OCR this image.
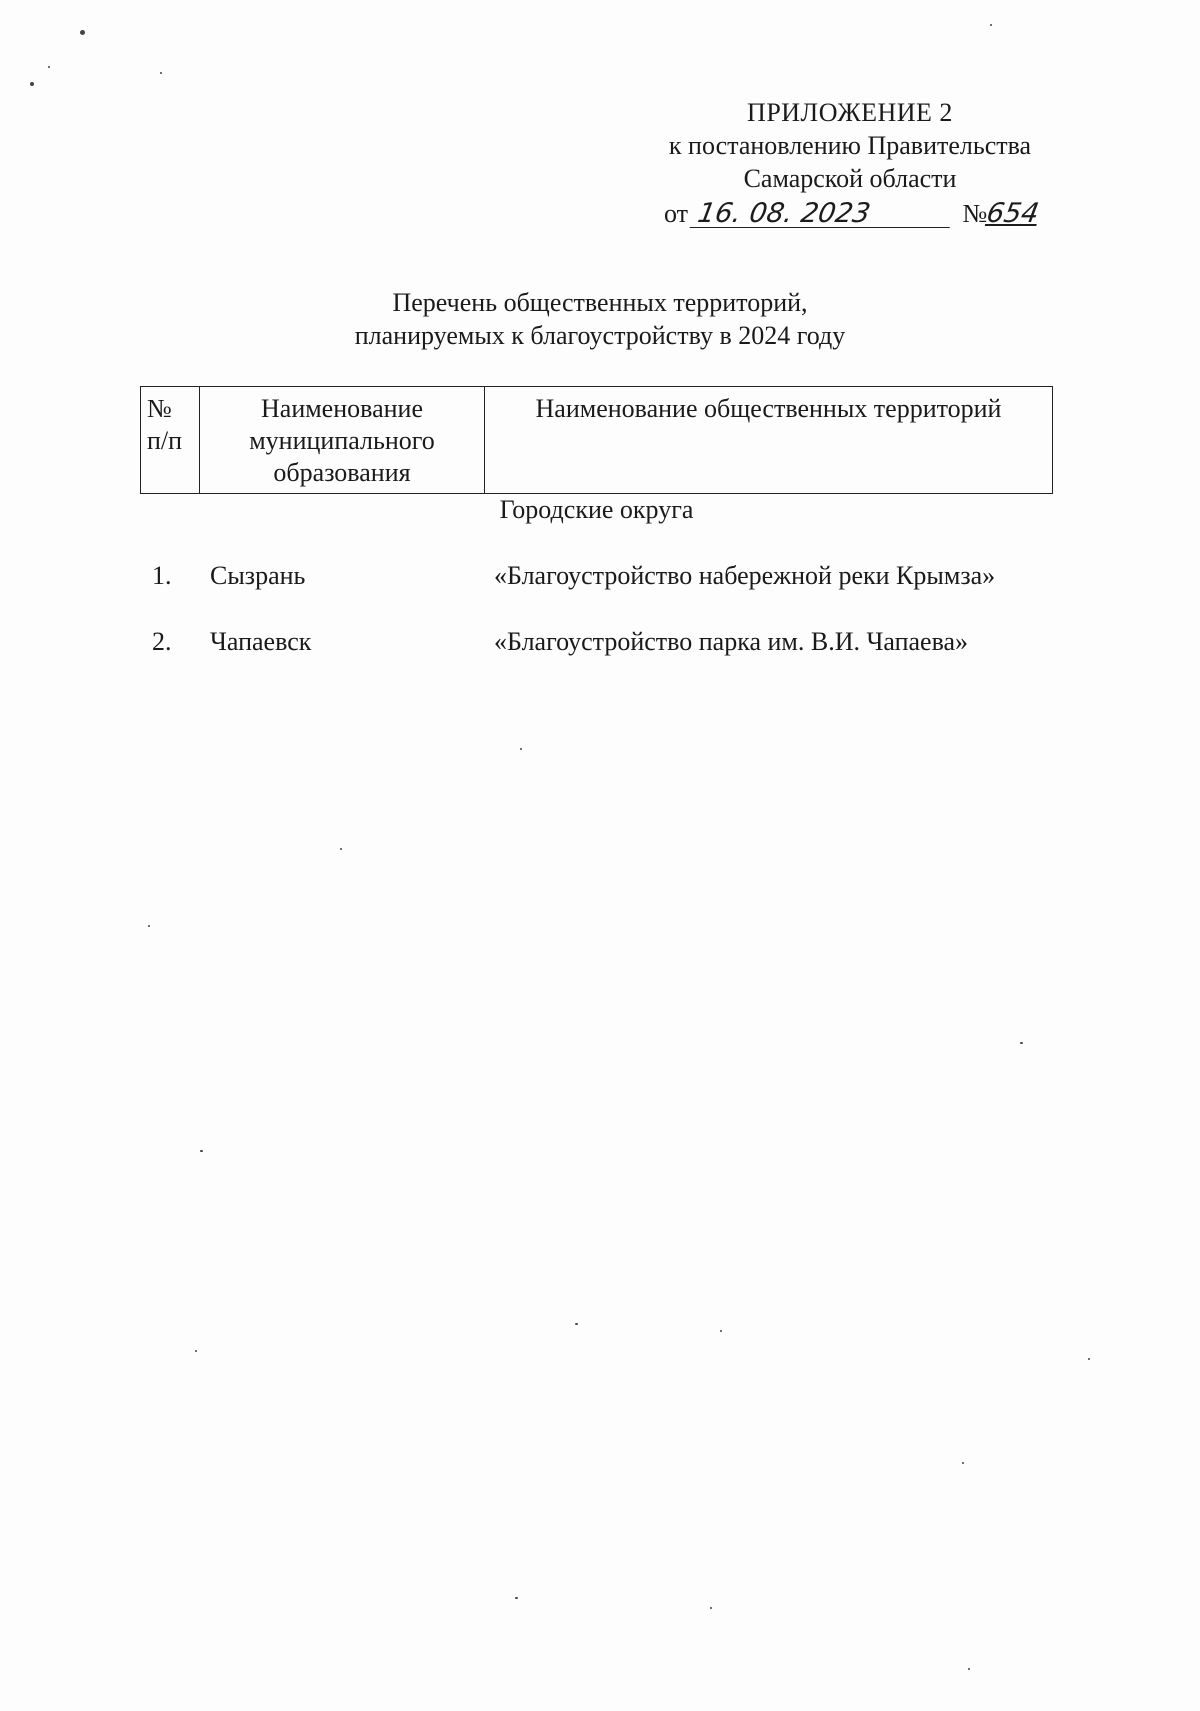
ПРИЛОЖЕНИЕ 2
к постановлению Правительства
Самарской области
от 16. 08. 2023	№654
Перечень общественных территорий,
планируемых к благоустройству в 2024 году
№ п/п	Наименование муниципального образования	Наименование общественных территорий
Городские округа
1. Сызрань	«Благоустройство набережной реки Крымза»
2. Чапаевск	«Благоустройство парка им. В.И. Чапаева»
